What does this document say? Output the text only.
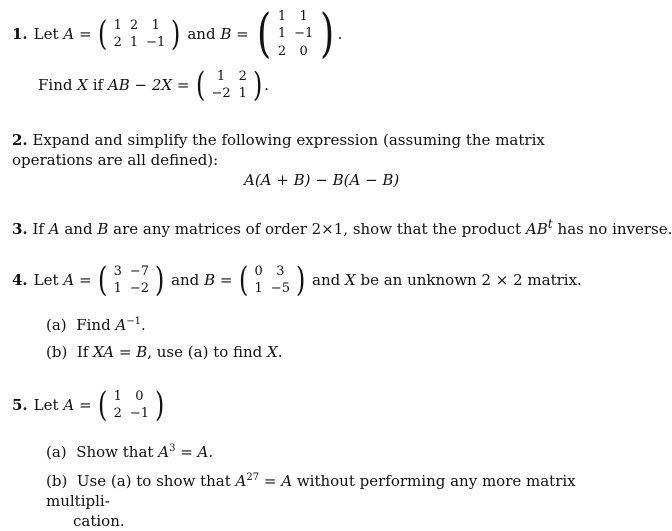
1. Let
A
=
( 1	2	1
2	1	−1 )
and
B
=
( 1	1
1	−1
2	0 ) .
Find
X
if
AB − 2X
=
( 1	2
−2	1 ) .
2. Expand and simplify the following expression (assuming the matrix operations are all defined):
A(A + B) − B(A − B)
3. If A and B are any matrices of order 2×1, show that the product $AB^t$ has no inverse.
4. Let
A
=
( 3	−7
1	−2 )
and
B
=
( 0	3
1	−5 )
and
X
be an unknown 2 × 2 matrix.
(a) Find $A^{-1}$.
(b) If XA = B, use (a) to find X.
5. Let
A
=
( 1	0
2	−1 )
(a) Show that $A^3 = A$.
(b) Use (a) to show that $A^{27} = A$ without performing any more matrix multipli-
cation.
